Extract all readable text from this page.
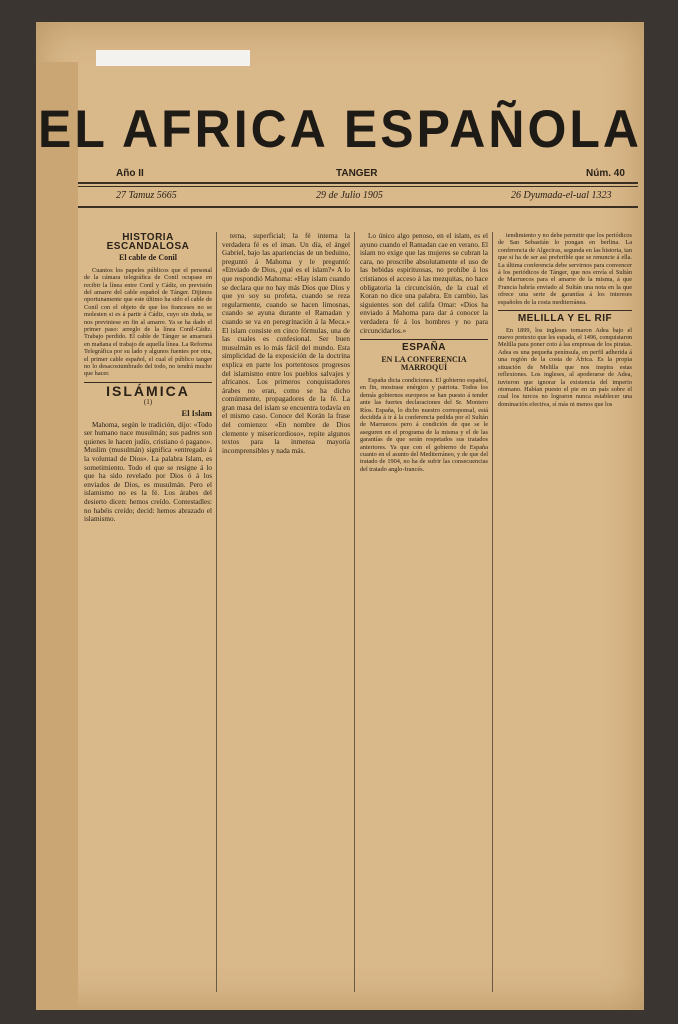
EL AFRICA ESPAÑOLA
Año II	TANGER	Núm. 40
27 Tamuz 5665	29 de Julio 1905	26 Dyumada-el-ual 1323
HISTORIA ESCANDALOSA
El cable de Conil

Cuantos los papeles públicos que el personal de la cámara telegráfica de Conil ocupase en recibir la línea entre Conil y Cádiz, en previsión del amarre del cable español de Tánger. Dijimos oportunamente que este último ha sido el cable de Conil con el objeto de que los franceses no se molesten si es á partir á Cádiz, cuyo sin duda, se nos previniese en fin al amarre. Ya se ha dado el primer paso: arreglo de la línea Conil-Cádiz. Trabajo perdido. El cable de Tánger se amarrará en mañana el trabajo de aquella línea. La Reforma Telegráfica por su lado y algunos fuentes por otra, el primer cable español, el cual el público tanger no lo desacostumbrado del todo, no tendrá mucho que hacer.

ISLÁMICA
(1)
El Islam

Mahoma, según le tradición, dijo: «Todo ser humano nace musulmán; sus padres son quienes le hacen judío, cristiano ó pagano». Muslim (musulmán) significa «entregado á la voluntad de Dios». La palabra Islam, es sometimiento. Todo el que se resigne á lo que ha sido revelado por Dios ó á los enviados de Dios, es musulmán. Pero el islamismo no es la fé. Los árabes del desierto dicen: hemos creído. Contestadles: no habéis creído; decid: hemos abrazado el islamismo.

terna, superficial; la fé interna la verdadera fé es el iman. Un día, el ángel Gabriel, bajo las apariencias de un beduino, preguntó á Mahoma y le preguntó: «Enviado de Dios, ¿qué es el islam?» A lo que respondió Mahoma: «Hay islam cuando se declara que no hay más Dios que Dios y que yo soy su profeta, cuando se reza regularmente, cuando se hacen limosnas, cuando se ayuna durante el Ramadan y cuando se va en peregrinación á la Meca.» El islam consiste en cinco fórmulas, una de las cuales es confesional. Ser buen musulmán es lo más fácil del mundo. Esta simplicidad de la exposición de la doctrina explica en parte los portentosos progresos del islamismo entre los pueblos salvajes y africanos. Los primeros conquistadores árabes no eran, como se ha dicho comúnmente, propagadores de la fé. La gran masa del islam se encuentra todavía en el mismo caso. Conoce del Korán la frase del comienzo: «En nombre de Dios clemente y misericordioso», repite algunos textos para la inmensa mayoría incomprensibles y nada más.

Lo único algo penoso, en el islam, es el ayuno cuando el Ramadan cae en verano. El islam no exige que las mujeres se cubran la cara, no proscribe absolutamente el uso de las bebidas espirituosas, no prohibe á los cristianos el acceso á las mezquitas, no hace obligatoria la circuncisión, de la cual el Koran no dice una palabra. En cambio, las siguientes son del califa Omar: «Dios ha enviado á Mahoma para dar á conocer la verdadera fé á los hombres y no para circuncidarlos.»

ESPAÑA
EN LA CONFERENCIA MARROQUÍ

España dicta condiciones. El gobierno español, en fin, mostrase enérgico y patriota. Todos los demás gobiernos europeos se han puesto á tender ante las fuertes declaraciones del Sr. Montero Ríos. España, lo dicho nuestro corresponsal, está decidida á ir á la conferencia pedida por el Sultán de Marruecos pero á condición de que se le aseguren en el programa de la misma y el de las garantías de que serán respetados sus tratados anteriores. Ya que con el gobierno de España cuanto en el asunto del Mediterráneo, y de que del tratado de 1904, no ha de sufrir las consecuencias del tratado anglo-francés.

tendimiento y no debe permitir que los periódicos de San Sebastián lo pongan en berlina. La conferencia de Algeciras, segunda en las historia, tan que si ha de ser así preferible que se renuncie á ella. La última conferencia debe servirnos para convencer á los periódicos de Tánger, que nos envía el Sultán de Marruecos para el amarre de la misma, á que Francia habría enviado al Sultán una nota en la que ofrece una serie de garantías á los intereses españoles de la costa mediterránea.

MELILLA Y EL RIF

En 1899, los ingleses tomaron Adea bajo el nuevo pretexto que les espada, el 1496, conquistaron Melilla para poner coto á las empresas de los piratas. Adea es una pequeña península, en perfil adherida á una región de la costa de África. Es la propia situación de Melilla que nos inspira estas reflexiones. Los ingleses, al apoderarse de Adea, tuvieron que ignorar la existencia del imperio otomano. Habían puesto el pie en un país sobre el cual los turcos no lograron nunca establecer una dominación efectiva, sí más ni menos que los
